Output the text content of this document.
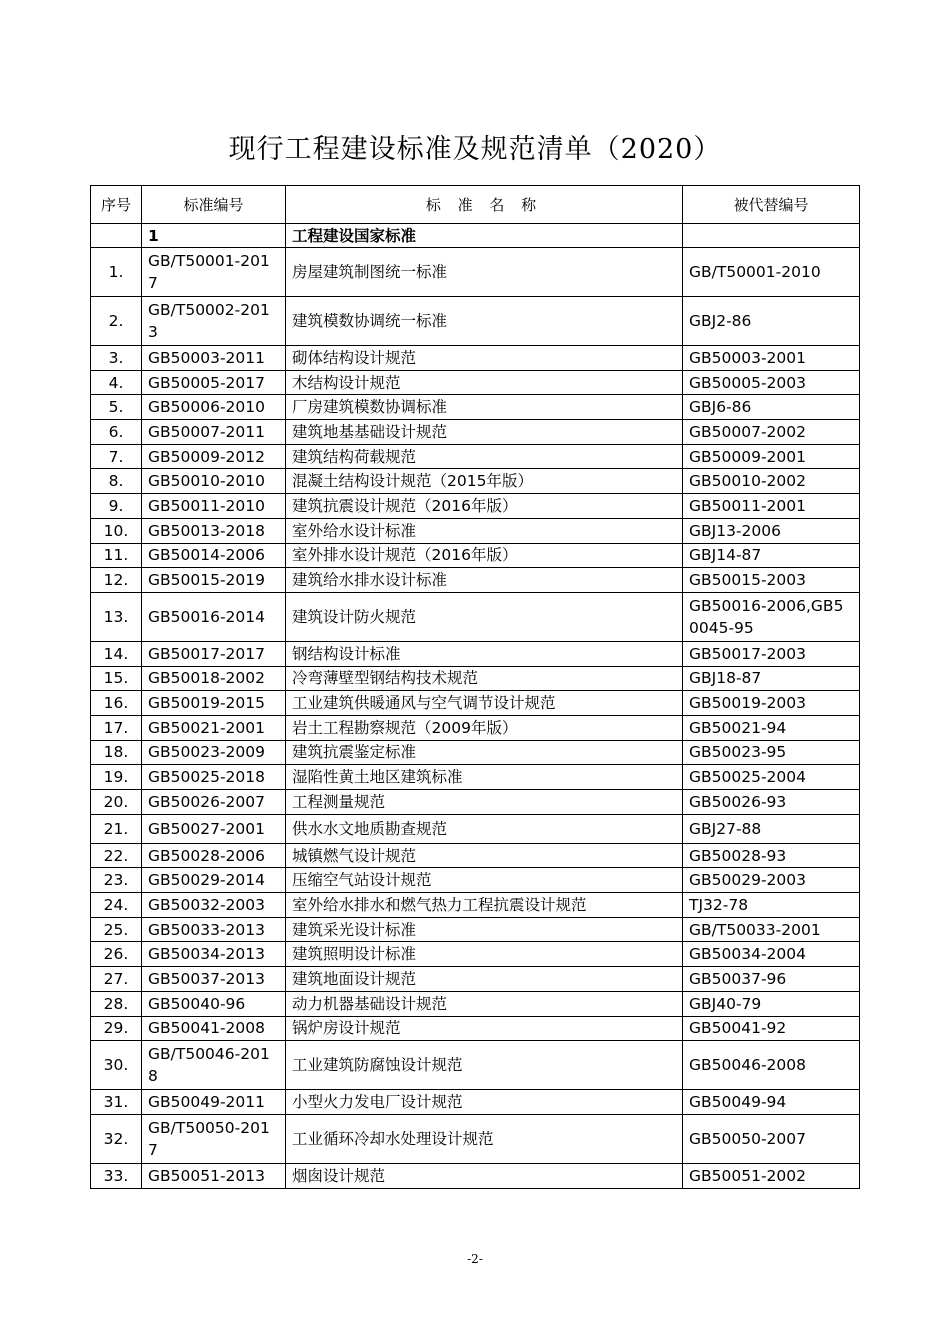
现行工程建设标准及规范清单（2020）
序号	标准编号	标 准 名 称	被代替编号
	1	工程建设国家标准	
1.	GB/T50001-2017	房屋建筑制图统一标准	GB/T50001-2010
2.	GB/T50002-2013	建筑模数协调统一标准	GBJ2-86
3.	GB50003-2011	砌体结构设计规范	GB50003-2001
4.	GB50005-2017	木结构设计规范	GB50005-2003
5.	GB50006-2010	厂房建筑模数协调标准	GBJ6-86
6.	GB50007-2011	建筑地基基础设计规范	GB50007-2002
7.	GB50009-2012	建筑结构荷载规范	GB50009-2001
8.	GB50010-2010	混凝土结构设计规范（2015年版）	GB50010-2002
9.	GB50011-2010	建筑抗震设计规范（2016年版）	GB50011-2001
10.	GB50013-2018	室外给水设计标准	GBJ13-2006
11.	GB50014-2006	室外排水设计规范（2016年版）	GBJ14-87
12.	GB50015-2019	建筑给水排水设计标准	GB50015-2003
13.	GB50016-2014	建筑设计防火规范	GB50016-2006,GB50045-95
14.	GB50017-2017	钢结构设计标准	GB50017-2003
15.	GB50018-2002	冷弯薄壁型钢结构技术规范	GBJ18-87
16.	GB50019-2015	工业建筑供暖通风与空气调节设计规范	GB50019-2003
17.	GB50021-2001	岩土工程勘察规范（2009年版）	GB50021-94
18.	GB50023-2009	建筑抗震鉴定标准	GB50023-95
19.	GB50025-2018	湿陷性黄土地区建筑标准	GB50025-2004
20.	GB50026-2007	工程测量规范	GB50026-93
21.	GB50027-2001	供水水文地质勘查规范	GBJ27-88
22.	GB50028-2006	城镇燃气设计规范	GB50028-93
23.	GB50029-2014	压缩空气站设计规范	GB50029-2003
24.	GB50032-2003	室外给水排水和燃气热力工程抗震设计规范	TJ32-78
25.	GB50033-2013	建筑采光设计标准	GB/T50033-2001
26.	GB50034-2013	建筑照明设计标准	GB50034-2004
27.	GB50037-2013	建筑地面设计规范	GB50037-96
28.	GB50040-96	动力机器基础设计规范	GBJ40-79
29.	GB50041-2008	锅炉房设计规范	GB50041-92
30.	GB/T50046-2018	工业建筑防腐蚀设计规范	GB50046-2008
31.	GB50049-2011	小型火力发电厂设计规范	GB50049-94
32.	GB/T50050-2017	工业循环冷却水处理设计规范	GB50050-2007
33.	GB50051-2013	烟囱设计规范	GB50051-2002
-2-
